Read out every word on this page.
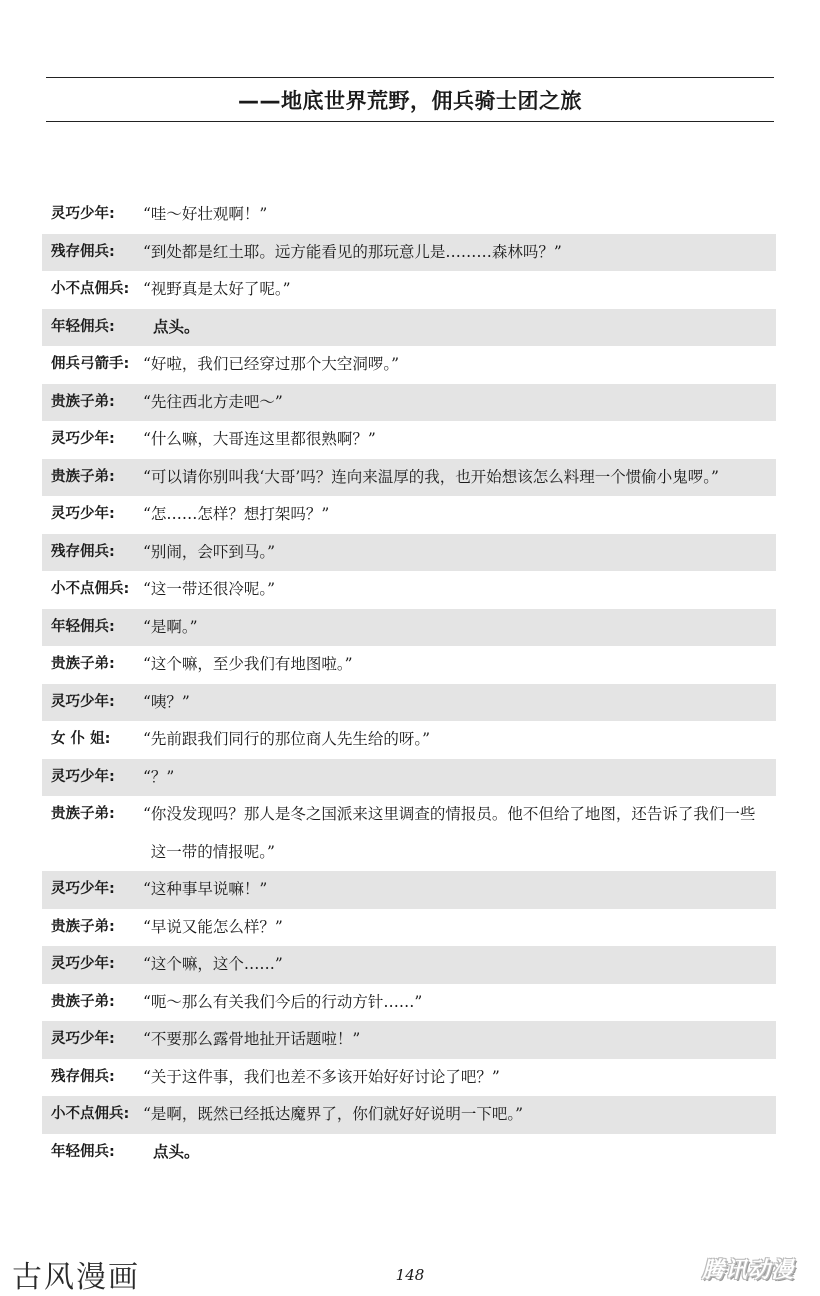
——地底世界荒野，佣兵骑士团之旅
灵巧少年:	“哇～好壮观啊！”
残存佣兵:	“到处都是红土耶。远方能看见的那玩意儿是………森林吗？”
小不点佣兵: “视野真是太好了呢。”
年轻佣兵:	点头。
佣兵弓箭手: “好啦，我们已经穿过那个大空洞啰。”
贵族子弟:	“先往西北方走吧～”
灵巧少年:	“什么嘛，大哥连这里都很熟啊？”
贵族子弟:	“可以请你别叫我‘大哥’吗？连向来温厚的我，也开始想该怎么料理一个惯偷小鬼啰。”
灵巧少年:	“怎……怎样？想打架吗？”
残存佣兵:	“别闹，会吓到马。”
小不点佣兵: “这一带还很冷呢。”
年轻佣兵:	“是啊。”
贵族子弟:	“这个嘛，至少我们有地图啦。”
灵巧少年:	“咦？”
女 仆 姐:	“先前跟我们同行的那位商人先生给的呀。”
灵巧少年:	“？”
贵族子弟:	“你没发现吗？那人是冬之国派来这里调查的情报员。他不但给了地图，还告诉了我们一些这一带的情报呢。”
灵巧少年:	“这种事早说嘛！”
贵族子弟:	“早说又能怎么样？”
灵巧少年:	“这个嘛，这个……”
贵族子弟:	“呃～那么有关我们今后的行动方针……”
灵巧少年:	“不要那么露骨地扯开话题啦！”
残存佣兵:	“关于这件事，我们也差不多该开始好好讨论了吧？”
小不点佣兵: “是啊，既然已经抵达魔界了，你们就好好说明一下吧。”
年轻佣兵:	点头。
古风漫画	148	腾讯动漫
